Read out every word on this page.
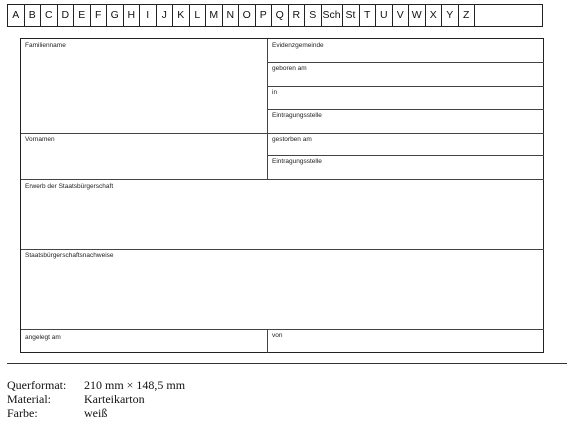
A B C D E F G H	I	J K L M N O P Q R S Sch St T U V W X Y Z
Familienname	Evidenzgemeinde
geboren am
in
Eintragungsstelle
Vornamen	gestorben am
Eintragungsstelle
Erwerb der Staatsbürgerschaft
Staatsbürgerschaftsnachweise
angelegt am	von
Querformat:	210 mm × 148,5 mm
Material:	Karteikarton
Farbe:	weiß
